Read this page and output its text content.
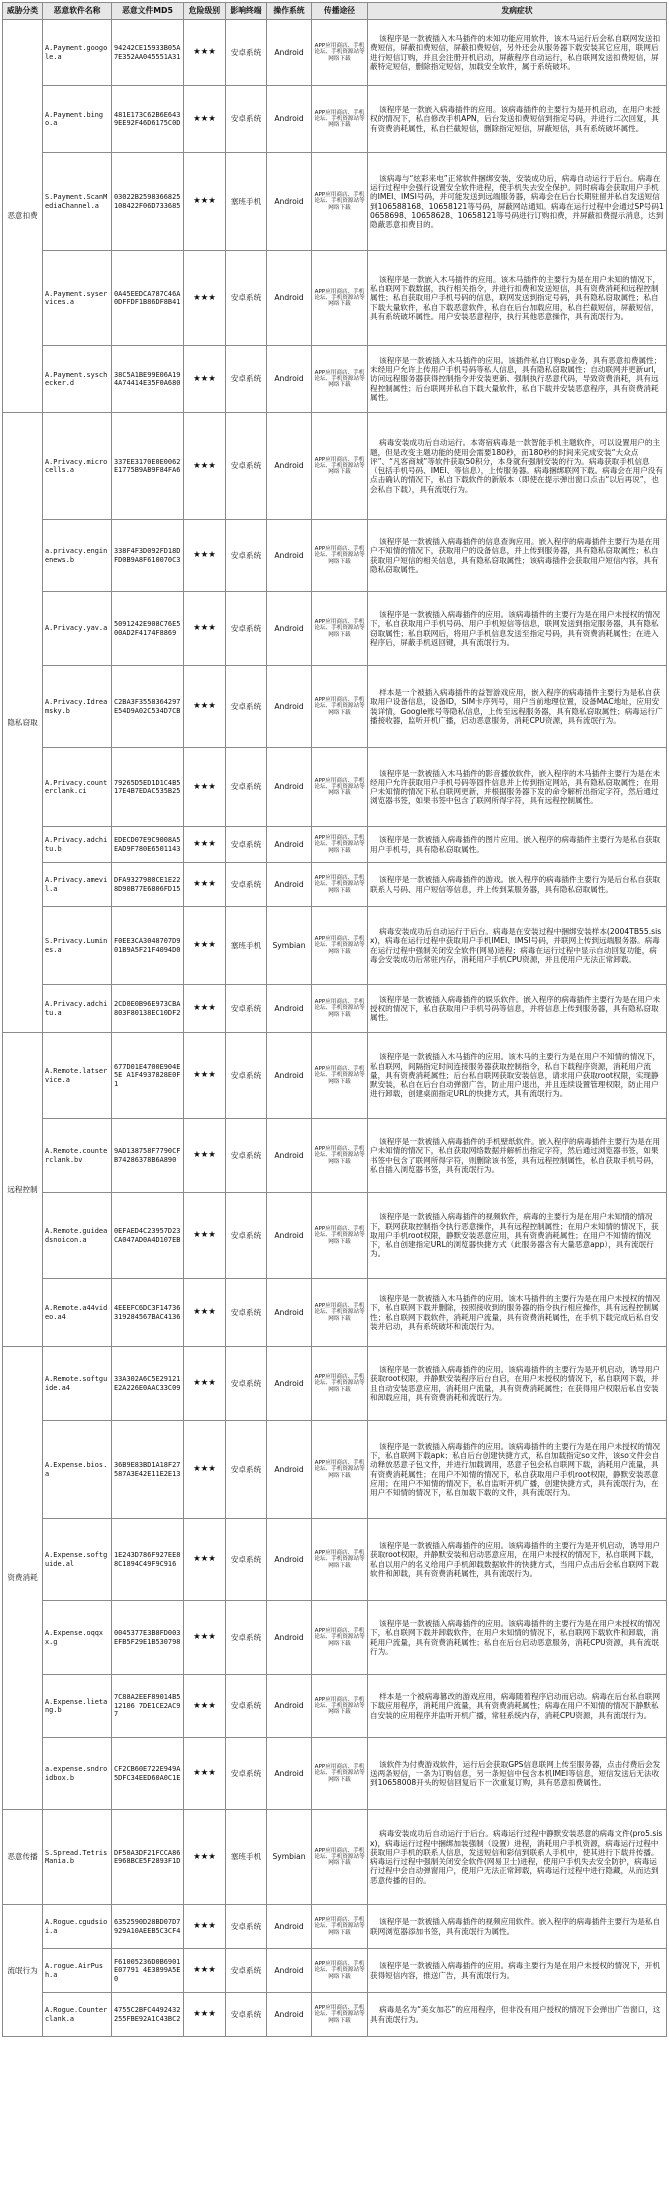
威胁分类	恶意软件名称	恶意文件MD5	危险级别	影响终端	操作系统	传播途径	发病症状
恶意扣费	A.Payment.googole.a	94242CE15933B05A7E352AA045551A31	★★★	安卓系统	Android	APP应用商店、手机论坛、手机资源站等网络下载	该程序是一款被插入木马插件的未知功能应用软件，该木马运行后会私自联网发送扣费短信，屏蔽扣费短信，屏蔽扣费短信，另外还会从服务器下载安装其它应用，联网后进行短信订购，并且会注册开机启动，屏蔽程序自动运行，私自联网发送扣费短信，屏蔽特定短信，删除指定短信，加载安全软件，属于系统破坏。
	A.Payment.bingo.a	481E173C62B6E6439EE92F46D6175C0D	★★★	安卓系统	Android	APP应用商店、手机论坛、手机资源站等网络下载	该程序是一款嵌入病毒插件的应用。该病毒插件的主要行为是开机启动，在用户未授权的情况下，私自修改手机APN，后台发送扣费短信到指定号码，并进行二次回复，具有资费消耗属性，私自拦截短信，删除指定短信，屏蔽短信，具有系统破坏属性。
	S.Payment.ScanMediaChannel.a	03022B2598366825108422F06D733685	★★★	塞班手机	Android	APP应用商店、手机论坛、手机资源站等网络下载	该病毒与“炫彩来电”正常软件捆绑安装，安装成功后，病毒自动运行于后台。病毒在运行过程中会强行设置安全软件进程，使手机失去安全保护。同时病毒会获取用户手机的IMEI、IMSI号码，并可能发送到远端服务器，病毒会在后台长期驻留并私自发送短信到106588168、10658121等号码，屏蔽网站通知。病毒在运行过程中会通过SP号码10658698、10658628、10658121等号码进行订购扣费，并屏蔽扣费提示消息，达到隐蔽恶意扣费目的。
	A.Payment.syservices.a	0A45EEDCA787C46A0DFFDF1B86DF8B41	★★★	安卓系统	Android	APP应用商店、手机论坛、手机资源站等网络下载	该程序是一款嵌入木马插件的应用。该木马插件的主要行为是在用户未知的情况下，私自联网下载数据，执行相关指令，并进行扣费和发送短信，具有资费消耗和远程控制属性；私自获取用户手机号码的信息，联网发送到指定号码，具有隐私窃取属性；私自下载大量软件，私自下载恶意软件，私自在后台加载应用，私自拦截短信，屏蔽短信，具有系统破坏属性。用户安装恶意程序，执行其他恶意操作，具有流氓行为。
	A.Payment.syschecker.d	38C5A1BE99E06A194A74414E35F0A680	★★★	安卓系统	Android	APP应用商店、手机论坛、手机资源站等网络下载	该程序是一款被插入木马插件的应用。该插件私自订购sp业务，具有恶意扣费属性；未经用户允许上传用户手机号码等私人信息，具有隐私窃取属性；自动联网并更新url，访问远程服务器获得控制指令并安装更新、强制执行恶意代码，导致资费消耗，具有远程控制属性；后台联网并私自下载大量软件，私自下载并安装恶意程序，具有资费消耗属性。
隐私窃取	A.Privacy.microcells.a	337EE3170E0E0062E1775B9AB9F84FA6	★★★	安卓系统	Android	APP应用商店、手机论坛、手机资源站等网络下载	病毒安装成功后自动运行。本寄宿病毒是一款智能手机主题软件，可以设置用户的主题，但是改变主题功能的使用会需要180秒，而180秒的时间来完成安装“大众点评”、“凡客商城”等软件获取50积分，本身就有强制安装的行为。病毒获取手机信息（包括手机号码、IMEI、等信息），上传服务器。病毒捆绑联网下载。病毒会在用户没有点击确认的情况下，私自下载软件的新版本（即使在提示弹出窗口点击“以后再说”，也会私自下载），具有流氓行为。
	a.privacy.enginenews.b	338F4F3D092FD18DFD0B9A8F610070C3	★★★	安卓系统	Android	APP应用商店、手机论坛、手机资源站等网络下载	该程序是一款被插入病毒插件的信息查询应用。嵌入程序的病毒插件主要行为是在用户不知情的情况下，获取用户的设备信息，并上传到服务器，具有隐私窃取属性；私自获取用户短信的相关信息，具有隐私窃取属性；该病毒插件会获取用户短信内容，具有隐私窃取属性。
	A.Privacy.yav.a	5091242E908C76E500AD2F4174F8869	★★★	安卓系统	Android	APP应用商店、手机论坛、手机资源站等网络下载	该程序是一款被插入病毒插件的应用。该病毒插件的主要行为是在用户未授权的情况下，私自获取用户手机号码、用户手机短信等信息，联网发送到指定服务器，具有隐私窃取属性；私自联网后，将用户手机信息发送至指定号码，具有资费消耗属性；在进入程序后，屏蔽手机返回键，具有流氓行为。
	A.Privacy.Idreamsky.b	C2BA3F3558364297E54D9A02C534D7CB	★★★	安卓系统	Android	APP应用商店、手机论坛、手机资源站等网络下载	样本是一个被插入病毒插件的益智游戏应用，嵌入程序的病毒插件主要行为是私自获取用户设备信息，设备ID，SIM卡序列号，用户当前地理位置，设备MAC地址，应用安装详情，Google账号等隐私信息，上传至远程服务器，具有隐私窃取属性；病毒运行广播接收器，监听开机广播，启动恶意服务，消耗CPU资源，具有流氓行为。
	A.Privacy.counterclank.ci	79265D5ED1D1C4B517E4B7EDAC535B25	★★★	安卓系统	Android	APP应用商店、手机论坛、手机资源站等网络下载	该程序是一款被插入木马插件的影音播放软件，嵌入程序的木马插件主要行为是在未经用户允许获取用户手机号码等固件信息并上传到指定网站，具有隐私窃取属性；在用户未知情的情况下私自联网更新，并根据服务器下发的命令解析出指定字符，然后通过浏览器书签，如果书签中包含了联网所得字符，具有远程控制属性。
	A.Privacy.adchitu.b	EDECD07E9C9008A5EAD9F780E6501143	★★★	安卓系统	Android	APP应用商店、手机论坛、手机资源站等网络下载	该程序是一款被插入病毒插件的图片应用。嵌入程序的病毒插件主要行为是私自获取用户手机号，具有隐私窃取属性。
	A.Privacy.amevil.a	DFA9327980CE1E228D90B77E6806FD15	★★★	安卓系统	Android	APP应用商店、手机论坛、手机资源站等网络下载	该程序是一款被插入病毒插件的游戏。嵌入程序的病毒插件主要行为是后台私自获取联系人号码、用户短信等信息，并上传到某服务器，具有隐私窃取属性。
	S.Privacy.Lumines.a	F0EE3CA3048707D901B9A5F21F4094D0	★★★	塞班手机	Symbian	APP应用商店、手机论坛、手机资源站等网络下载	病毒安装成功后自动运行于后台。病毒是在安装过程中捆绑安装样本(2004TB55.sisx)，病毒在运行过程中获取用户手机IMEI、IMSI号码，并联网上传到远端服务器。病毒在运行过程中强制关闭安全软件(网易)进程；病毒在运行过程中显示自动回复功能，病毒会安装成功后常驻内存，消耗用户手机CPU资源，并且使用户无法正常卸载。
	A.Privacy.adchitu.a	2CD0E0B96E973CBA803F80138EC10DF2	★★★	安卓系统	Android	APP应用商店、手机论坛、手机资源站等网络下载	该程序是一款被插入病毒插件的娱乐软件。嵌入程序的病毒插件主要行为是在用户未授权的情况下，私自获取用户手机号码等信息，并将信息上传到服务器，具有隐私窃取属性。
远程控制	A.Remote.latservice.a	677D01E4700E904E5E A1F4937828E0F1	★★★	安卓系统	Android	APP应用商店、手机论坛、手机资源站等网络下载	该程序是一款被插入木马插件的应用。该木马的主要行为是在用户不知情的情况下，私自联网，间隔指定时间连接服务器获取控制指令，私自下载程序资源，消耗用户流量，具有资费消耗属性；后台私自联网获取安装信息，请求用户获取root权限，实现静默安装，私自在后台自动弹窗广告，防止用户退出，并且连续设置管理权限，防止用户进行卸载，创建桌面指定URL的快捷方式，具有流氓行为。
	A.Remote.counterclank.bv	9AD138758F7790CFB74286378B6A890	★★★	安卓系统	Android	APP应用商店、手机论坛、手机资源站等网络下载	该程序是一款被插入病毒插件的手机壁纸软件。嵌入程序的病毒插件主要行为是在用户未知情的情况下，私自获取网络数据并解析出指定字符，然后通过浏览器书签，如果书签中包含了联网所得字符，则删除该书签，具有远程控制属性，私自获取手机号码，私自插入浏览器书签，具有流氓行为。
	A.Remote.guideadsnoicon.a	0EFAED4C23957D23CA047AD0A4D107EB	★★★	安卓系统	Android	APP应用商店、手机论坛、手机资源站等网络下载	该程序是一款被插入病毒插件的视频软件，病毒的主要行为是在用户未知情的情况下，联网获取控制指令执行恶意操作，具有远程控制属性；在用户未知情的情况下，获取用户手机root权限，静默安装恶意应用，具有资费消耗属性；在用户不知情的情况下，私自创建指定URL的浏览器快捷方式（此服务器含有大量恶意app），具有流氓行为。
	A.Remote.a44video.a4	4EEEFC6DC3F14736319284567BAC4136	★★★	安卓系统	Android	APP应用商店、手机论坛、手机资源站等网络下载	该程序是一款被插入木马插件的应用。该木马插件的主要行为是在用户未授权的情况下，私自联网下载并删除，按照接收到的服务器的指令执行相应操作，具有远程控制属性；私自联网下载软件，消耗用户流量，具有资费消耗属性，在手机下载完成后私自安装并启动，具有系统破坏和流氓行为。
资费消耗	A.Remote.softguide.a4	33A302A6C5E29121E2A226E0AAC33C09	★★★	安卓系统	Android	APP应用商店、手机论坛、手机资源站等网络下载	该程序是一款被插入病毒插件的应用。该病毒插件的主要行为是开机启动，诱导用户获取root权限，并静默安装程序后台自启，在用户未授权的情况下，私自联网下载，并且自动安装恶意应用，消耗用户流量，具有资费消耗属性；在获得用户权限后私自安装和卸载应用，具有资费消耗和流氓行为。
	A.Expense.bios.a	36B9E83BD1A18F27587A3E42E11E2E13	★★★	安卓系统	Android	APP应用商店、手机论坛、手机资源站等网络下载	该程序是一款被插入病毒插件的应用。该病毒插件的主要行为是在用户未授权的情况下，私自联网下载apk；私自后台创建快捷方式，私自加载指定so文件，该so文件会自动释放恶意子包文件，并进行加载调用，恶意子包会私自联网下载，消耗用户流量，具有资费消耗属性；在用户不知情的情况下，私自获取用户手机root权限，静默安装恶意应用；在用户不知情的情况下，私自监听开机广播，创建快捷方式，具有流氓行为，在用户不知情的情况下，私自加载下载的文件，具有流氓行为。
	A.Expense.softguide.al	1E243D786F927EE88C1894C49F9C916	★★★	安卓系统	Android	APP应用商店、手机论坛、手机资源站等网络下载	该程序是一款被插入病毒插件的应用。该病毒插件的主要行为是开机启动，诱导用户获取root权限，并静默安装和启动恶意应用，在用户未授权的情况下，私自联网下载，私自以用户的名义给用户手机卸载数据软件的快捷方式，当用户点击后会私自联网下载软件和卸载，具有资费消耗属性，具有流氓行为。
	A.Expense.oqqxx.g	0045377E3B8FD003EFB5F29E1B530798	★★★	安卓系统	Android	APP应用商店、手机论坛、手机资源站等网络下载	该程序是一款被插入病毒插件的应用。该病毒插件的主要行为是在用户未授权的情况下，私自联网下载并卸载软件，在用户未知情的情况下，私自联网下载软件和卸载，消耗用户流量，具有资费消耗属性；私自在后台启动恶意服务，消耗CPU资源，具有流氓行为。
	A.Expense.lietang.b	7C88A2EEF89014B512106 7DE1CE2AC97	★★★	安卓系统	Android	APP应用商店、手机论坛、手机资源站等网络下载	样本是一个被病毒篡改的游戏应用，病毒随着程序启动而启动。病毒在后台私自联网下载应用程序，消耗用户流量，具有资费消耗属性；病毒在用户不知情的情况下静默私自安装的应用程序并监听开机广播，常驻系统内存，消耗CPU资源，具有流氓行为。
	a.expense.sndroidbox.b	CF2CB60E722E949A5DFC34EED60A0C1E	★★★	安卓系统	Android	APP应用商店、手机论坛、手机资源站等网络下载	该软件为付费游戏软件，运行后会获取GPS信息联网上传至服务器，点击付费后会发送两条短信，一条为订购信息，另一条短信中包含本机IMEI等信息，短信发送后无法收到10658008开头的短信回复后下一次重复订购，具有恶意扣费属性。
恶意传播	S.Spread.TetrisMania.b	DF50A3DF21FCCA86E968BCE5F2893F1D	★★★	塞班手机	Symbian	APP应用商店、手机论坛、手机资源站等网络下载	病毒安装成功后自动运行于后台。病毒运行过程中静默安装恶意的病毒文件(pro5.sisx)，病毒运行过程中捆绑加装强制（设置）进程，消耗用户手机资源，病毒运行过程中获取用户手机的联系人信息，发送短信和彩信到联系人手机中，使其进行下载并传播。病毒运行过程中强制关闭安全软件(网易卫士)进程，使用户手机失去安全防护，病毒运行过程中会自动弹窗用户，使用户无法正常卸载，病毒运行过程中进行隐藏，从而达到恶意传播的目的。
流氓行为	A.Rogue.cgudsioi.a	6352590D28BD07D7929A10AEEB5C3CF4	★★★	安卓系统	Android	APP应用商店、手机论坛、手机资源站等网络下载	该程序是一款被插入病毒插件的视频应用软件。嵌入程序的病毒插件主要行为是私自联网浏览器添加书签，具有流氓行为属性。
	A.rogue.AirPush.a	F61005236D0B6901E07791 4E3899A5E0	★★★	安卓系统	Android	APP应用商店、手机论坛、手机资源站等网络下载	该程序是一款被插入病毒插件的应用。病毒主要行为是在用户未授权的情况下，开机获得短信内容，推送广告，具有流氓行为。
	A.Rogue.Counterclank.a	4755C2BFC4492432255FBE92A1C43BC2	★★★	安卓系统	Android	APP应用商店、手机论坛、手机资源站等网络下载	病毒是名为“美女加芯”的应用程序，但非没有用户授权的情况下会弹出广告窗口，这具有流氓行为。
